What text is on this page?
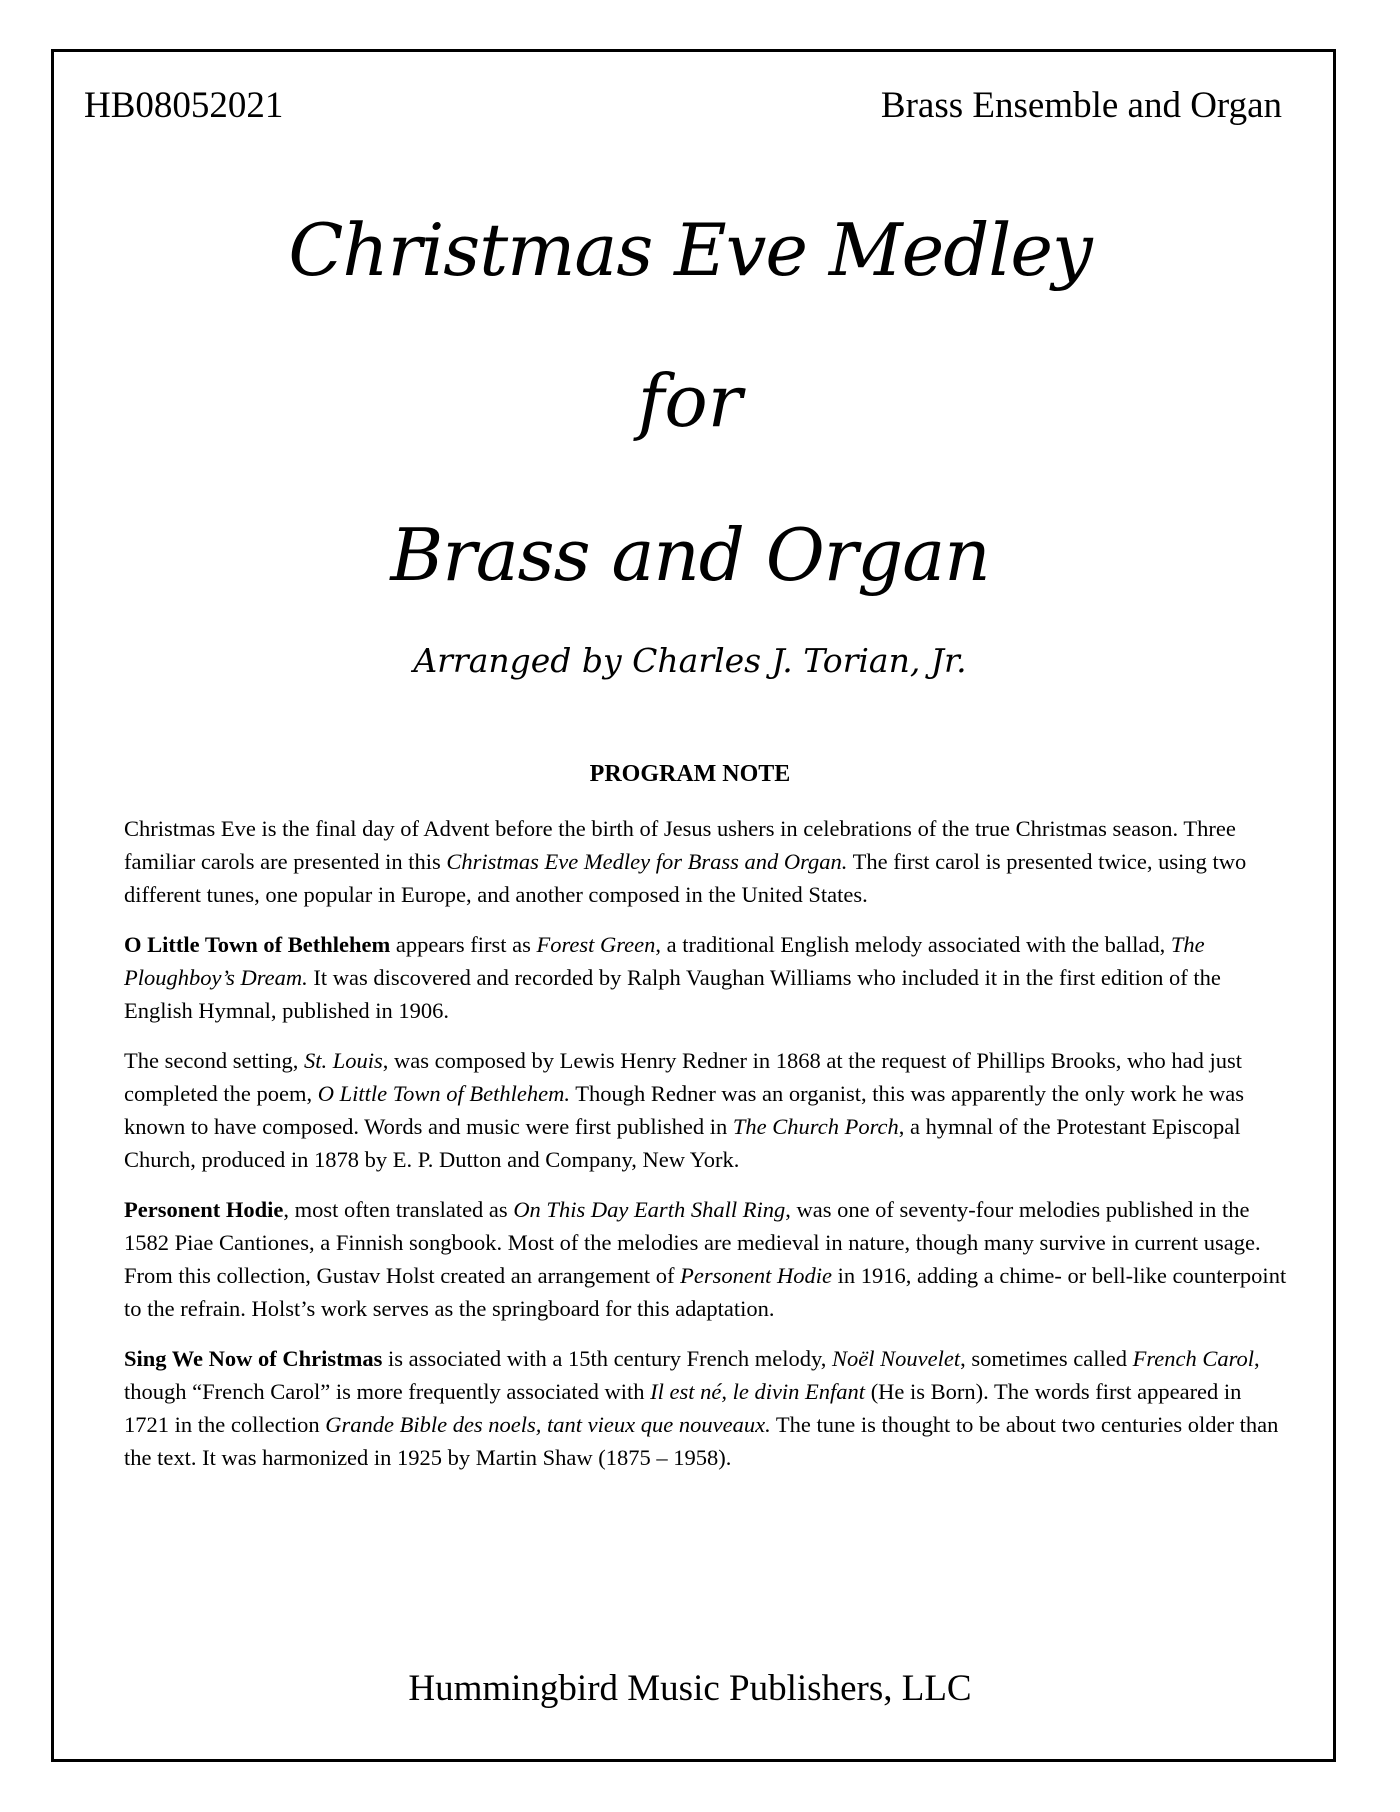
HB08052021	Brass Ensemble and Organ
Christmas Eve Medley
for
Brass and Organ
Arranged by Charles J. Torian, Jr.
PROGRAM NOTE

Christmas Eve is the final day of Advent before the birth of Jesus ushers in celebrations of the true Christmas season. Three familiar carols are presented in this Christmas Eve Medley for Brass and Organ. The first carol is presented twice, using two different tunes, one popular in Europe, and another composed in the United States.

O Little Town of Bethlehem appears first as Forest Green, a traditional English melody associated with the ballad, The Ploughboy’s Dream. It was discovered and recorded by Ralph Vaughan Williams who included it in the first edition of the English Hymnal, published in 1906.

The second setting, St. Louis, was composed by Lewis Henry Redner in 1868 at the request of Phillips Brooks, who had just completed the poem, O Little Town of Bethlehem. Though Redner was an organist, this was apparently the only work he was known to have composed. Words and music were first published in The Church Porch, a hymnal of the Protestant Episcopal Church, produced in 1878 by E. P. Dutton and Company, New York.

Personent Hodie, most often translated as On This Day Earth Shall Ring, was one of seventy-four melodies published in the 1582 Piae Cantiones, a Finnish songbook. Most of the melodies are medieval in nature, though many survive in current usage. From this collection, Gustav Holst created an arrangement of Personent Hodie in 1916, adding a chime- or bell-like counterpoint to the refrain. Holst’s work serves as the springboard for this adaptation.

Sing We Now of Christmas is associated with a 15th century French melody, Noël Nouvelet, sometimes called French Carol, though “French Carol” is more frequently associated with Il est né, le divin Enfant (He is Born). The words first appeared in 1721 in the collection Grande Bible des noels, tant vieux que nouveaux. The tune is thought to be about two centuries older than the text. It was harmonized in 1925 by Martin Shaw (1875 – 1958).

Hummingbird Music Publishers, LLC
